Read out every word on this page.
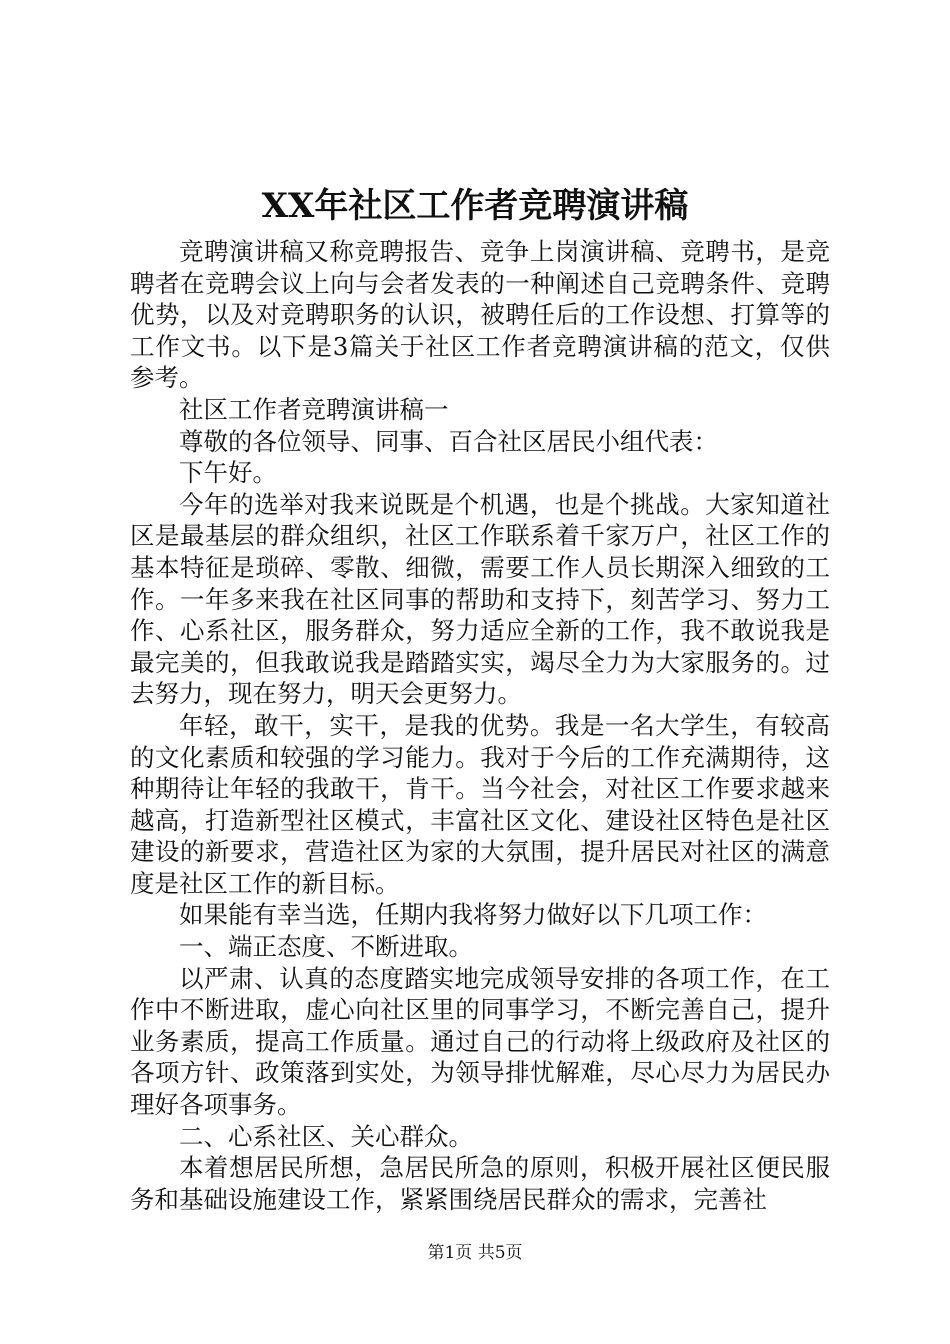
XX年社区工作者竞聘演讲稿

竞聘演讲稿又称竞聘报告、竞争上岗演讲稿、竞聘书，是竞聘者在竞聘会议上向与会者发表的一种阐述自己竞聘条件、竞聘优势，以及对竞聘职务的认识，被聘任后的工作设想、打算等的工作文书。以下是3篇关于社区工作者竞聘演讲稿的范文，仅供参考。

社区工作者竞聘演讲稿一

尊敬的各位领导、同事、百合社区居民小组代表：

下午好。

今年的选举对我来说既是个机遇，也是个挑战。大家知道社区是最基层的群众组织，社区工作联系着千家万户，社区工作的基本特征是琐碎、零散、细微，需要工作人员长期深入细致的工作。一年多来我在社区同事的帮助和支持下，刻苦学习、努力工作、心系社区，服务群众，努力适应全新的工作，我不敢说我是最完美的，但我敢说我是踏踏实实，竭尽全力为大家服务的。过去努力，现在努力，明天会更努力。

年轻，敢干，实干，是我的优势。我是一名大学生，有较高的文化素质和较强的学习能力。我对于今后的工作充满期待，这种期待让年轻的我敢干，肯干。当今社会，对社区工作要求越来越高，打造新型社区模式，丰富社区文化、建设社区特色是社区建设的新要求，营造社区为家的大氛围，提升居民对社区的满意度是社区工作的新目标。

如果能有幸当选，任期内我将努力做好以下几项工作：

一、端正态度、不断进取。

以严肃、认真的态度踏实地完成领导安排的各项工作，在工作中不断进取，虚心向社区里的同事学习，不断完善自己，提升业务素质，提高工作质量。通过自己的行动将上级政府及社区的各项方针、政策落到实处，为领导排忧解难，尽心尽力为居民办理好各项事务。

二、心系社区、关心群众。

本着想居民所想，急居民所急的原则，积极开展社区便民服务和基础设施建设工作，紧紧围绕居民群众的需求，完善社

第1页 共5页
